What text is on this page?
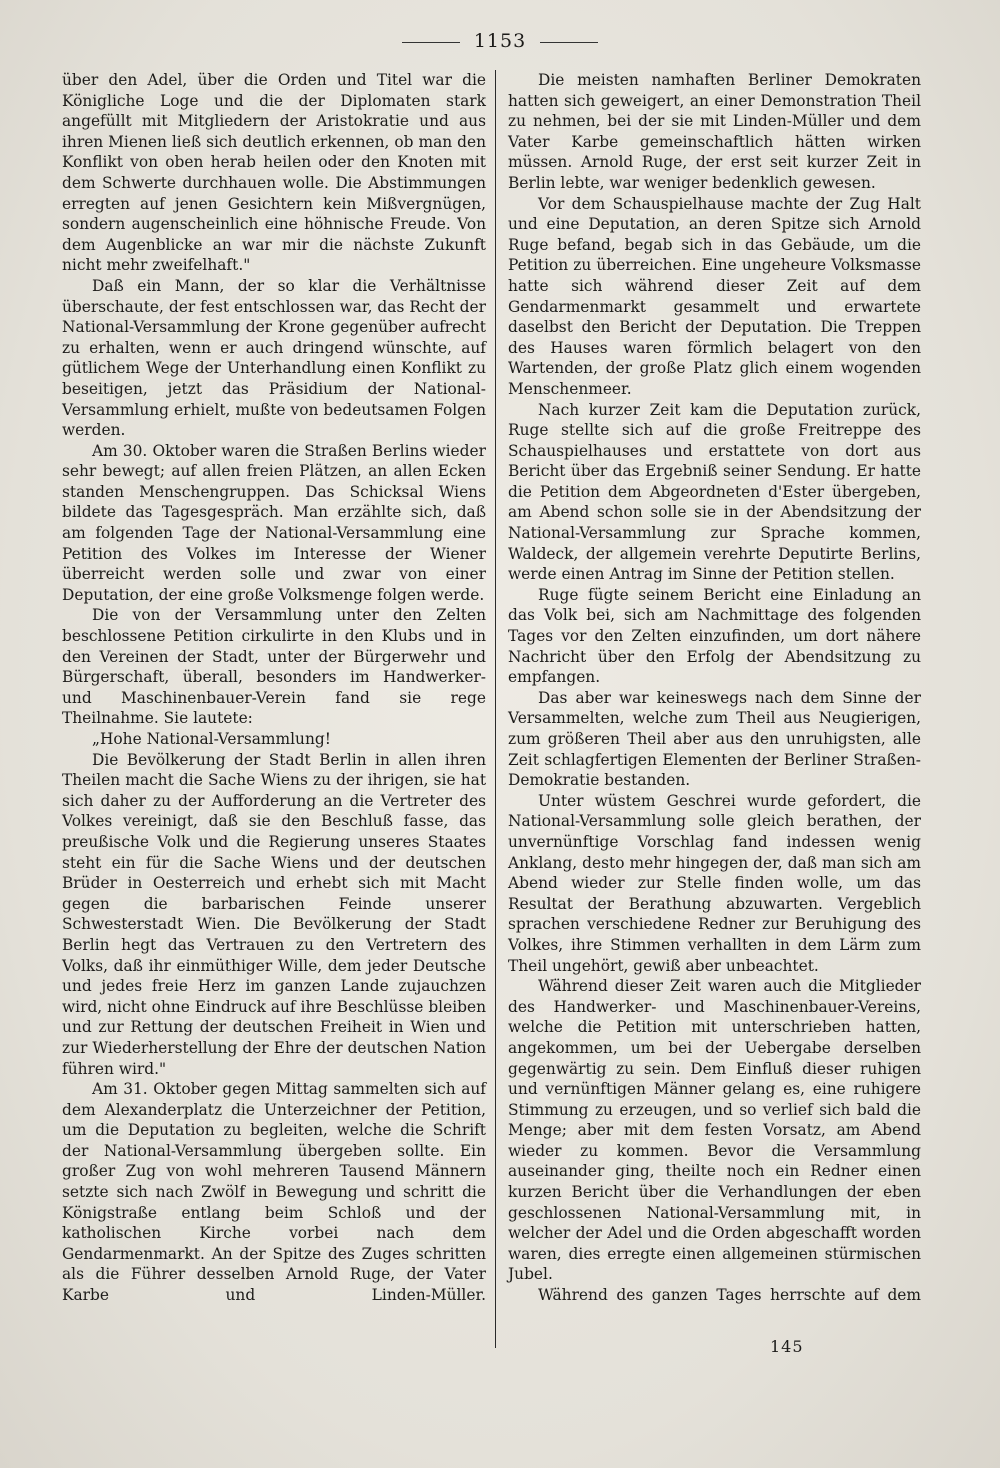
1153

über den Adel, über die Orden und Titel war die Königliche Loge und die der Diplomaten stark angefüllt mit Mitgliedern der Aristokratie und aus ihren Mienen ließ sich deutlich erkennen, ob man den Konflikt von oben herab heilen oder den Knoten mit dem Schwerte durchhauen wolle. Die Abstimmungen erregten auf jenen Gesichtern kein Mißvergnügen, sondern augenscheinlich eine höhnische Freude. Von dem Augenblicke an war mir die nächste Zukunft nicht mehr zweifelhaft."

Daß ein Mann, der so klar die Verhältnisse überschaute, der fest entschlossen war, das Recht der National-Versammlung der Krone gegenüber aufrecht zu erhalten, wenn er auch dringend wünschte, auf gütlichem Wege der Unterhandlung einen Konflikt zu beseitigen, jetzt das Präsidium der National-Versammlung erhielt, mußte von bedeutsamen Folgen werden.

Am 30. Oktober waren die Straßen Berlins wieder sehr bewegt; auf allen freien Plätzen, an allen Ecken standen Menschengruppen. Das Schicksal Wiens bildete das Tagesgespräch. Man erzählte sich, daß am folgenden Tage der National-Versammlung eine Petition des Volkes im Interesse der Wiener überreicht werden solle und zwar von einer Deputation, der eine große Volksmenge folgen werde.

Die von der Versammlung unter den Zelten beschlossene Petition cirkulirte in den Klubs und in den Vereinen der Stadt, unter der Bürgerwehr und Bürgerschaft, überall, besonders im Handwerker- und Maschinenbauer-Verein fand sie rege Theilnahme. Sie lautete:

„Hohe National-Versammlung!

Die Bevölkerung der Stadt Berlin in allen ihren Theilen macht die Sache Wiens zu der ihrigen, sie hat sich daher zu der Aufforderung an die Vertreter des Volkes vereinigt, daß sie den Beschluß fasse, das preußische Volk und die Regierung unseres Staates steht ein für die Sache Wiens und der deutschen Brüder in Oesterreich und erhebt sich mit Macht gegen die barbarischen Feinde unserer Schwesterstadt Wien. Die Bevölkerung der Stadt Berlin hegt das Vertrauen zu den Vertretern des Volks, daß ihr einmüthiger Wille, dem jeder Deutsche und jedes freie Herz im ganzen Lande zujauchzen wird, nicht ohne Eindruck auf ihre Beschlüsse bleiben und zur Rettung der deutschen Freiheit in Wien und zur Wiederherstellung der Ehre der deutschen Nation führen wird."

Am 31. Oktober gegen Mittag sammelten sich auf dem Alexanderplatz die Unterzeichner der Petition, um die Deputation zu begleiten, welche die Schrift der National-Versammlung übergeben sollte. Ein großer Zug von wohl mehreren Tausend Männern setzte sich nach Zwölf in Bewegung und schritt die Königstraße entlang beim Schloß und der katholischen Kirche vorbei nach dem Gendarmenmarkt. An der Spitze des Zuges schritten als die Führer desselben Arnold Ruge, der Vater Karbe und Linden-Müller.

Die meisten namhaften Berliner Demokraten hatten sich geweigert, an einer Demonstration Theil zu nehmen, bei der sie mit Linden-Müller und dem Vater Karbe gemeinschaftlich hätten wirken müssen. Arnold Ruge, der erst seit kurzer Zeit in Berlin lebte, war weniger bedenklich gewesen.

Vor dem Schauspielhause machte der Zug Halt und eine Deputation, an deren Spitze sich Arnold Ruge befand, begab sich in das Gebäude, um die Petition zu überreichen. Eine ungeheure Volksmasse hatte sich während dieser Zeit auf dem Gendarmenmarkt gesammelt und erwartete daselbst den Bericht der Deputation. Die Treppen des Hauses waren förmlich belagert von den Wartenden, der große Platz glich einem wogenden Menschenmeer.

Nach kurzer Zeit kam die Deputation zurück, Ruge stellte sich auf die große Freitreppe des Schauspielhauses und erstattete von dort aus Bericht über das Ergebniß seiner Sendung. Er hatte die Petition dem Abgeordneten d'Ester übergeben, am Abend schon solle sie in der Abendsitzung der National-Versammlung zur Sprache kommen, Waldeck, der allgemein verehrte Deputirte Berlins, werde einen Antrag im Sinne der Petition stellen.

Ruge fügte seinem Bericht eine Einladung an das Volk bei, sich am Nachmittage des folgenden Tages vor den Zelten einzufinden, um dort nähere Nachricht über den Erfolg der Abendsitzung zu empfangen.

Das aber war keineswegs nach dem Sinne der Versammelten, welche zum Theil aus Neugierigen, zum größeren Theil aber aus den unruhigsten, alle Zeit schlagfertigen Elementen der Berliner Straßen-Demokratie bestanden.

Unter wüstem Geschrei wurde gefordert, die National-Versammlung solle gleich berathen, der unvernünftige Vorschlag fand indessen wenig Anklang, desto mehr hingegen der, daß man sich am Abend wieder zur Stelle finden wolle, um das Resultat der Berathung abzuwarten. Vergeblich sprachen verschiedene Redner zur Beruhigung des Volkes, ihre Stimmen verhallten in dem Lärm zum Theil ungehört, gewiß aber unbeachtet.

Während dieser Zeit waren auch die Mitglieder des Handwerker- und Maschinenbauer-Vereins, welche die Petition mit unterschrieben hatten, angekommen, um bei der Uebergabe derselben gegenwärtig zu sein. Dem Einfluß dieser ruhigen und vernünftigen Männer gelang es, eine ruhigere Stimmung zu erzeugen, und so verlief sich bald die Menge; aber mit dem festen Vorsatz, am Abend wieder zu kommen. Bevor die Versammlung auseinander ging, theilte noch ein Redner einen kurzen Bericht über die Verhandlungen der eben geschlossenen National-Versammlung mit, in welcher der Adel und die Orden abgeschafft worden waren, dies erregte einen allgemeinen stürmischen Jubel.

Während des ganzen Tages herrschte auf dem

145
